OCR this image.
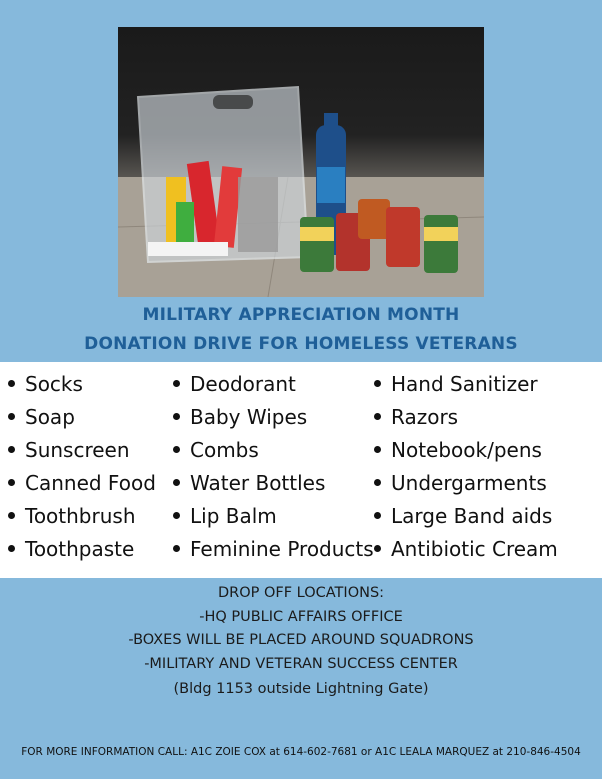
MILITARY APPRECIATION MONTH
DONATION DRIVE FOR HOMELESS VETERANS
Socks
Soap
Sunscreen
Canned Food
Toothbrush
Toothpaste
Deodorant
Baby Wipes
Combs
Water Bottles
Lip Balm
Feminine Products
Hand Sanitizer
Razors
Notebook/pens
Undergarments
Large Band aids
Antibiotic Cream
DROP OFF LOCATIONS:
-HQ PUBLIC AFFAIRS OFFICE
-BOXES WILL BE PLACED AROUND SQUADRONS
-MILITARY AND VETERAN SUCCESS CENTER
(Bldg 1153 outside Lightning Gate)
FOR MORE INFORMATION CALL: A1C ZOIE COX at 614-602-7681 or A1C LEALA MARQUEZ at 210-846-4504
